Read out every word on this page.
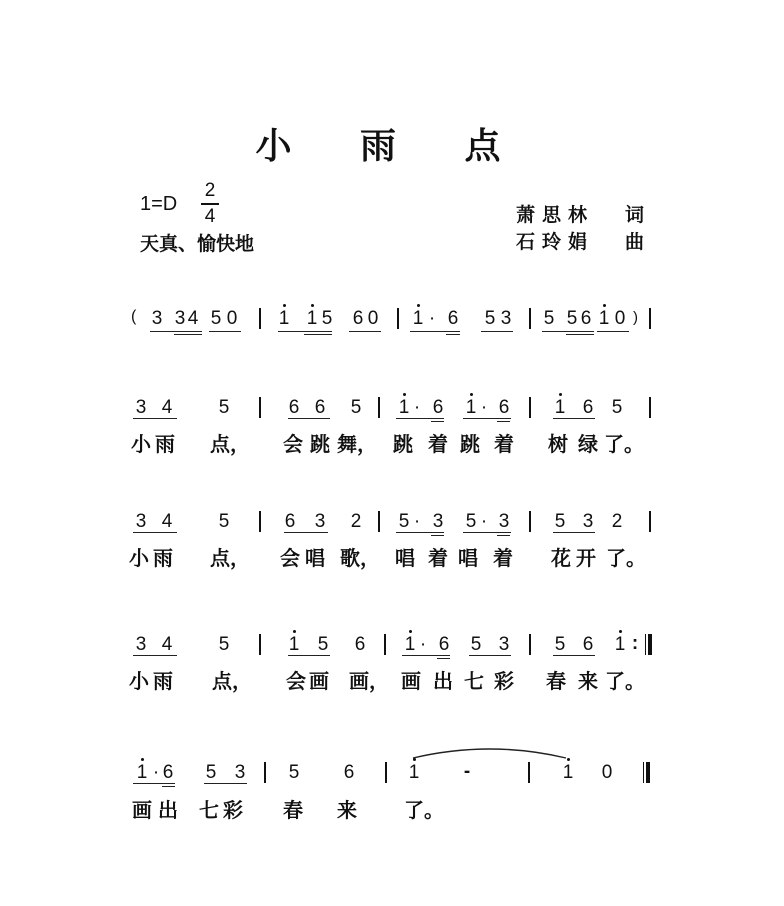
小 雨 点
1=D
2
4
天真、愉快地
萧思林 词
石玲娟 曲
( 3 3 4 5 0 1 1 5 6 0 1 · 6 5 3 5 5 6 1 0 )
3 4 5	6 6 5 1 · 6 1 · 6 1 6 5
小雨 点， 会 跳 舞， 跳 着 跳 着 树 绿 了。
3 4 5	6 3 2 5 · 3 5 · 3 5 3 2
小雨 点， 会 唱 歌， 唱 着 唱 着 花 开 了。
3 4 5	1 5 6 1 · 6 5 3 5 6 1 :
小雨 点， 会 画 画， 画 出 七 彩 春 来 了。
1 · 6 5 3 5 6	1 -	1 0
画出 七彩 春 来 了。
